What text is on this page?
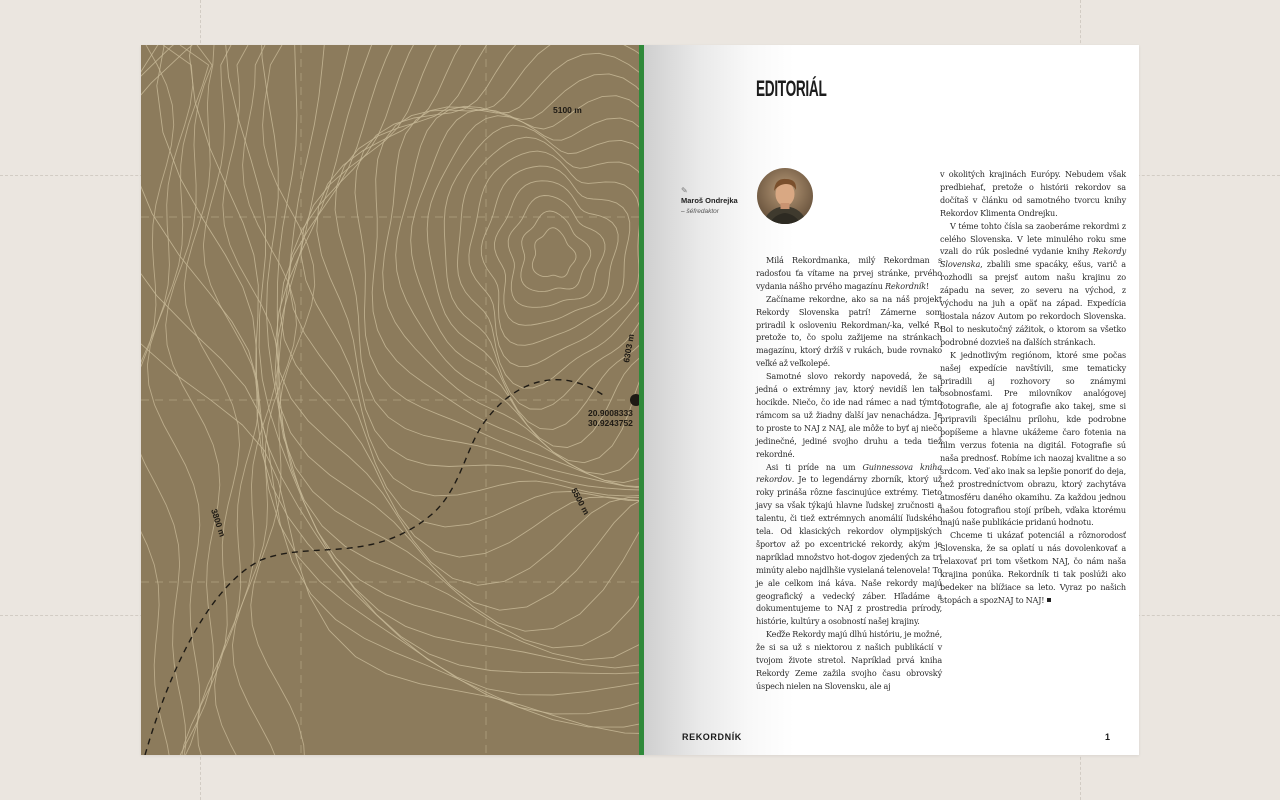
5100 m
5500 m
3800 m
6303 m
20.9008333
30.9243752
EDITORIÁL
✎
Maroš Ondrejka
– šéfredaktor

Milá Rekordmanka, milý Rekordman s radosťou ťa vítame na prvej stránke, prvého vydania nášho prvého magazínu Rekordník!

Začíname rekordne, ako sa na náš projekt Rekordy Slovenska patrí! Zámerne som priradil k osloveniu Rekordman/-ka, veľké R, pretože to, čo spolu zažijeme na stránkach magazínu, ktorý držíš v rukách, bude rovnako veľké až veľkolepé.

Samotné slovo rekordy napovedá, že sa jedná o extrémny jav, ktorý nevidíš len tak hocikde. Niečo, čo ide nad rámec a nad týmto rámcom sa už žiadny ďalší jav nenachádza. Je to proste to NAJ z NAJ, ale môže to byť aj niečo jedinečné, jediné svojho druhu a teda tiež rekordné.

Asi ti príde na um Guinnessova kniha rekordov. Je to legendárny zborník, ktorý už roky prináša rôzne fascinujúce extrémy. Tieto javy sa však týkajú hlavne ľudskej zručnosti a talentu, či tiež extrémnych anomálií ľudského tela. Od klasických rekordov olympijských športov až po excentrické rekordy, akým je napríklad množstvo hot-dogov zjedených za tri minúty alebo najdlhšie vysielaná telenovela! To je ale celkom iná káva. Naše rekordy majú geografický a vedecký záber. Hľadáme a dokumentujeme to NAJ z prostredia prírody, histórie, kultúry a osobností našej krajiny.

Keďže Rekordy majú dlhú históriu, je možné, že si sa už s niektorou z našich publikácií v tvojom živote stretol. Napríklad prvá kniha Rekordy Zeme zažila svojho času obrovský úspech nielen na Slovensku, ale aj

v okolitých krajinách Európy. Nebudem však predbiehať, pretože o histórii rekordov sa dočítaš v článku od samotného tvorcu knihy Rekordov Klimenta Ondrejku.

V téme tohto čísla sa zaoberáme rekordmi z celého Slovenska. V lete minulého roku sme vzali do rúk posledné vydanie knihy Rekordy Slovenska, zbalili sme spacáky, ešus, varič a rozhodli sa prejsť autom našu krajinu zo západu na sever, zo severu na východ, z východu na juh a opäť na západ. Expedícia dostala názov Autom po rekordoch Slovenska. Bol to neskutočný zážitok, o ktorom sa všetko podrobné dozvieš na ďalších stránkach.

K jednotlivým regiónom, ktoré sme počas našej expedície navštívili, sme tematicky priradili aj rozhovory so známymi osobnosťami. Pre milovníkov analógovej fotografie, ale aj fotografie ako takej, sme si pripravili špeciálnu prílohu, kde podrobne popíšeme a hlavne ukážeme čaro fotenia na film verzus fotenia na digitál. Fotografie sú naša prednosť. Robíme ich naozaj kvalitne a so srdcom. Veď ako inak sa lepšie ponoriť do deja, než prostredníctvom obrazu, ktorý zachytáva atmosféru daného okamihu. Za každou jednou našou fotografiou stojí príbeh, vďaka ktorému majú naše publikácie pridanú hodnotu.

Chceme ti ukázať potenciál a rôznorodosť Slovenska, že sa oplatí u nás dovolenkovať a relaxovať pri tom všetkom NAJ, čo nám naša krajina ponúka. Rekordník ti tak poslúži ako bedeker na blížiace sa leto. Vyraz po našich stopách a spozNAJ to NAJ!

REKORDNÍK	1
